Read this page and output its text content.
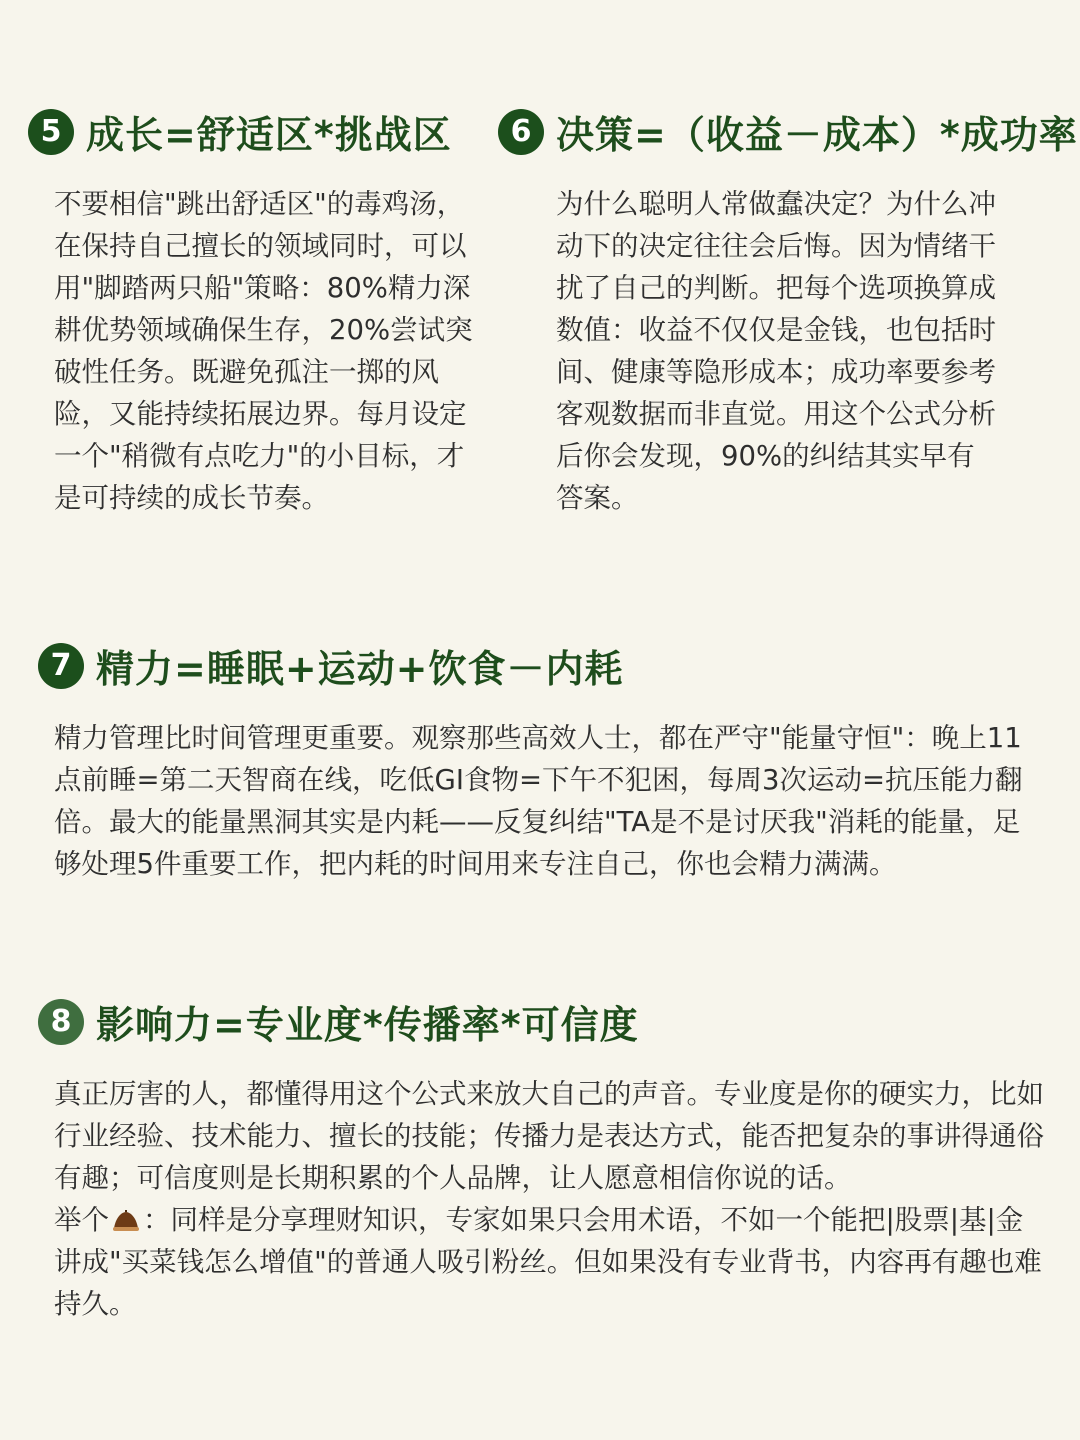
5 成长=舒适区*挑战区
不要相信"跳出舒适区"的毒鸡汤，在保持自己擅长的领域同时，可以用"脚踏两只船"策略：80%精力深耕优势领域确保生存，20%尝试突破性任务。既避免孤注一掷的风险，又能持续拓展边界。每月设定一个"稍微有点吃力"的小目标，才是可持续的成长节奏。
6 决策=（收益－成本）*成功率
为什么聪明人常做蠢决定？为什么冲动下的决定往往会后悔。因为情绪干扰了自己的判断。把每个选项换算成数值：收益不仅仅是金钱，也包括时间、健康等隐形成本；成功率要参考客观数据而非直觉。用这个公式分析后你会发现，90%的纠结其实早有答案。
7 精力=睡眠+运动+饮食－内耗
精力管理比时间管理更重要。观察那些高效人士，都在严守"能量守恒"：晚上11点前睡=第二天智商在线，吃低GI食物=下午不犯困，每周3次运动=抗压能力翻倍。最大的能量黑洞其实是内耗——反复纠结"TA是不是讨厌我"消耗的能量，足够处理5件重要工作，把内耗的时间用来专注自己，你也会精力满满。
8 影响力=专业度*传播率*可信度

真正厉害的人，都懂得用这个公式来放大自己的声音。专业度是你的硬实力，比如行业经验、技术能力、擅长的技能；传播力是表达方式，能否把复杂的事讲得通俗有趣；可信度则是长期积累的个人品牌，让人愿意相信你说的话。

举个 ：同样是分享理财知识，专家如果只会用术语，不如一个能把|股票|基|金讲成"买菜钱怎么增值"的普通人吸引粉丝。但如果没有专业背书，内容再有趣也难持久。
